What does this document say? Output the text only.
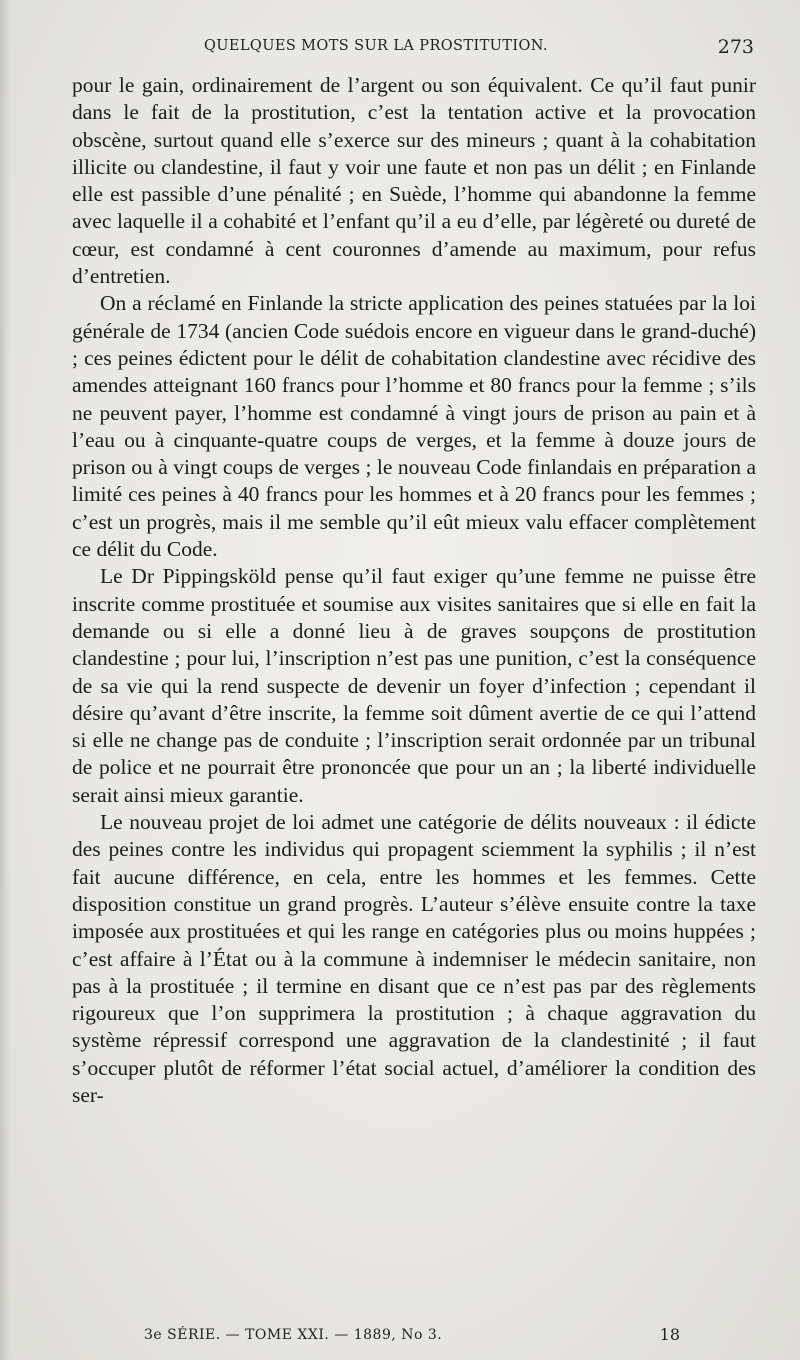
QUELQUES MOTS SUR LA PROSTITUTION.	273

pour le gain, ordinairement de l’argent ou son équivalent. Ce qu’il faut punir dans le fait de la prostitution, c’est la tentation active et la provocation obscène, surtout quand elle s’exerce sur des mineurs ; quant à la cohabitation illicite ou clandestine, il faut y voir une faute et non pas un délit ; en Finlande elle est passible d’une pénalité ; en Suède, l’homme qui abandonne la femme avec laquelle il a cohabité et l’enfant qu’il a eu d’elle, par légèreté ou dureté de cœur, est condamné à cent couronnes d’amende au maximum, pour refus d’entretien.

On a réclamé en Finlande la stricte application des peines statuées par la loi générale de 1734 (ancien Code suédois encore en vigueur dans le grand-duché) ; ces peines édictent pour le délit de cohabitation clandestine avec récidive des amendes atteignant 160 francs pour l’homme et 80 francs pour la femme ; s’ils ne peuvent payer, l’homme est condamné à vingt jours de prison au pain et à l’eau ou à cinquante-quatre coups de verges, et la femme à douze jours de prison ou à vingt coups de verges ; le nouveau Code finlandais en préparation a limité ces peines à 40 francs pour les hommes et à 20 francs pour les femmes ; c’est un progrès, mais il me semble qu’il eût mieux valu effacer complètement ce délit du Code.

Le Dr Pippingsköld pense qu’il faut exiger qu’une femme ne puisse être inscrite comme prostituée et soumise aux visites sanitaires que si elle en fait la demande ou si elle a donné lieu à de graves soupçons de prostitution clandestine ; pour lui, l’inscription n’est pas une punition, c’est la conséquence de sa vie qui la rend suspecte de devenir un foyer d’infection ; cependant il désire qu’avant d’être inscrite, la femme soit dûment avertie de ce qui l’attend si elle ne change pas de conduite ; l’inscription serait ordonnée par un tribunal de police et ne pourrait être prononcée que pour un an ; la liberté individuelle serait ainsi mieux garantie.

Le nouveau projet de loi admet une catégorie de délits nouveaux : il édicte des peines contre les individus qui propagent sciemment la syphilis ; il n’est fait aucune différence, en cela, entre les hommes et les femmes. Cette disposition constitue un grand progrès. L’auteur s’élève ensuite contre la taxe imposée aux prostituées et qui les range en catégories plus ou moins huppées ; c’est affaire à l’État ou à la commune à indemniser le médecin sanitaire, non pas à la prostituée ; il termine en disant que ce n’est pas par des règlements rigoureux que l’on supprimera la prostitution ; à chaque aggravation du système répressif correspond une aggravation de la clandestinité ; il faut s’occuper plutôt de réformer l’état social actuel, d’améliorer la condition des ser-

3e SÉRIE. — TOME XXI. — 1889, No 3.	18
